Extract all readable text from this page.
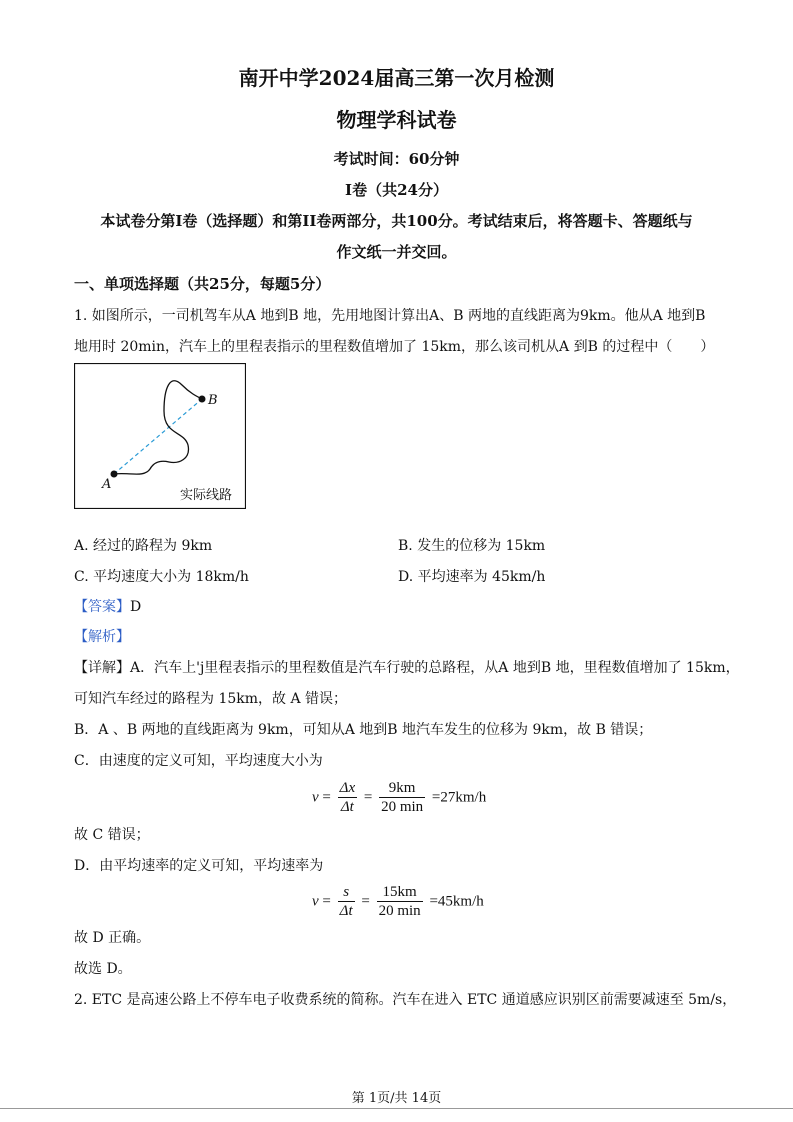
南开中学2024届高三第一次月检测
物理学科试卷
考试时间：60分钟
I卷（共24分）
本试卷分第I卷（选择题）和第II卷两部分，共100分。考试结束后，将答题卡、答题纸与
作文纸一并交回。
一、单项选择题（共25分，每题5分）
1. 如图所示，一司机驾车从A 地到B 地，先用地图计算出A、B 两地的直线距离为9km。他从A 地到B
地用时 20min，汽车上的里程表指示的里程数值增加了 15km，那么该司机从A 到B 的过程中（　　）
A
B
实际线路
A. 经过的路程为 9km	B. 发生的位移为 15km
C. 平均速度大小为 18km/h	D. 平均速率为 45km/h
【答案】D
【解析】
【详解】A．汽车上'j里程表指示的里程数值是汽车行驶的总路程，从A 地到B 地，里程数值增加了 15km，
可知汽车经过的路程为 15km，故 A 错误；
B．A 、B 两地的直线距离为 9km，可知从A 地到B 地汽车发生的位移为 9km，故 B 错误；
C．由速度的定义可知，平均速度大小为
$v = \frac{\Delta x}{\Delta t} = \frac{9km}{20 \min} =27km/h$
故 C 错误；
D．由平均速率的定义可知，平均速率为
$v = \frac{s}{\Delta t} = \frac{15km}{20 \min} =45km/h$
故 D 正确。
故选 D。
2. ETC 是高速公路上不停车电子收费系统的简称。汽车在进入 ETC 通道感应识别区前需要减速至 5m/s，
第 1页/共 14页
